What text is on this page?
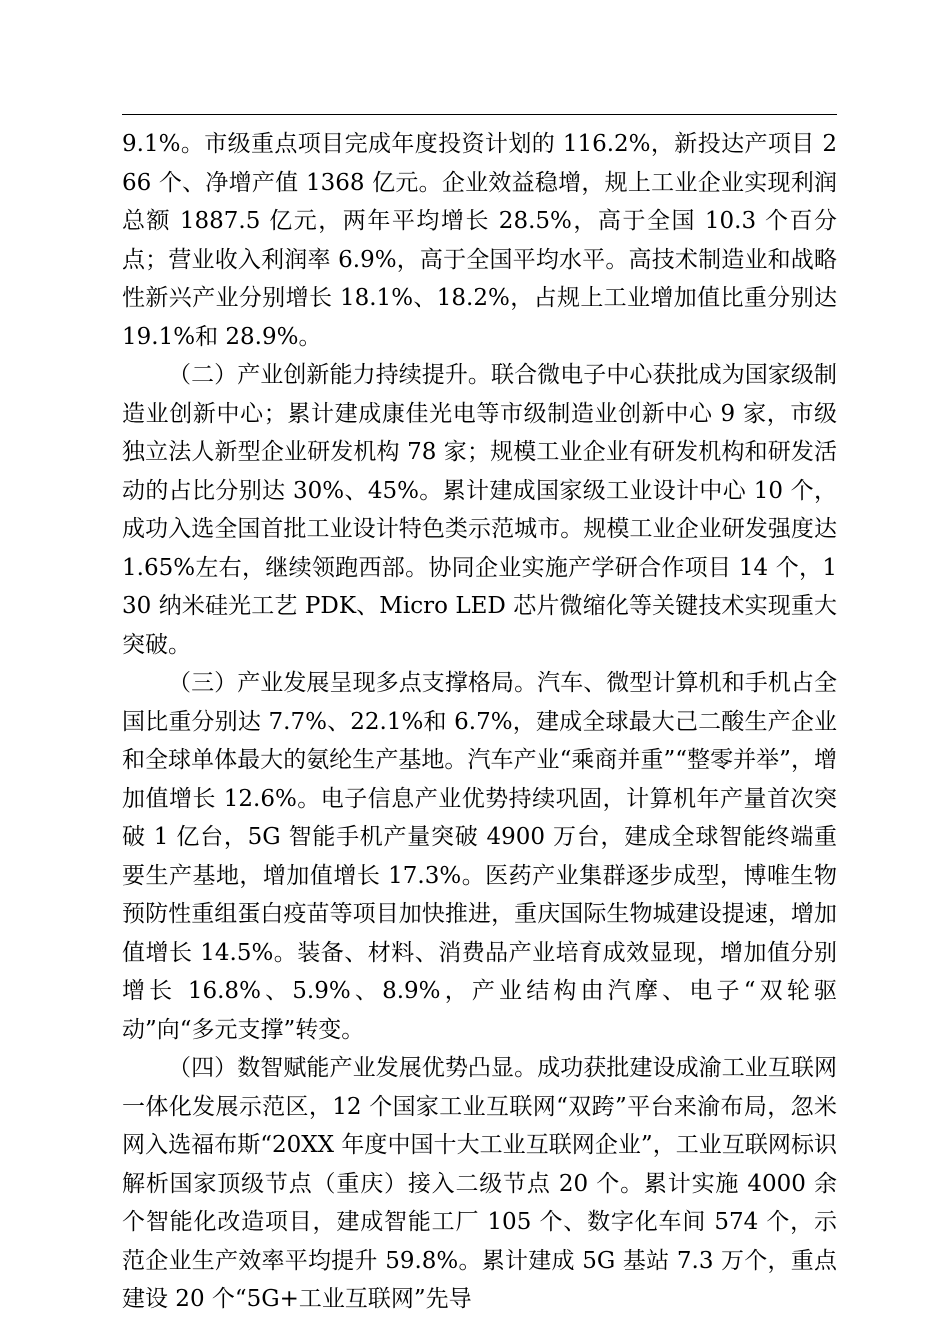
9.1%。市级重点项目完成年度投资计划的 116.2%，新投达产项目 266 个、净增产值 1368 亿元。企业效益稳增，规上工业企业实现利润总额 1887.5 亿元，两年平均增长 28.5%，高于全国 10.3 个百分点；营业收入利润率 6.9%，高于全国平均水平。高技术制造业和战略性新兴产业分别增长 18.1%、18.2%，占规上工业增加值比重分别达 19.1%和 28.9%。

（二）产业创新能力持续提升。联合微电子中心获批成为国家级制造业创新中心；累计建成康佳光电等市级制造业创新中心 9 家，市级独立法人新型企业研发机构 78 家；规模工业企业有研发机构和研发活动的占比分别达 30%、45%。累计建成国家级工业设计中心 10 个，成功入选全国首批工业设计特色类示范城市。规模工业企业研发强度达 1.65%左右，继续领跑西部。协同企业实施产学研合作项目 14 个，130 纳米硅光工艺 PDK、Micro LED 芯片微缩化等关键技术实现重大突破。

（三）产业发展呈现多点支撑格局。汽车、微型计算机和手机占全国比重分别达 7.7%、22.1%和 6.7%，建成全球最大己二酸生产企业和全球单体最大的氨纶生产基地。汽车产业“乘商并重”“整零并举”，增加值增长 12.6%。电子信息产业优势持续巩固，计算机年产量首次突破 1 亿台，5G 智能手机产量突破 4900 万台，建成全球智能终端重要生产基地，增加值增长 17.3%。医药产业集群逐步成型，博唯生物预防性重组蛋白疫苗等项目加快推进，重庆国际生物城建设提速，增加值增长 14.5%。装备、材料、消费品产业培育成效显现，增加值分别增长 16.8%、5.9%、8.9%，产业结构由汽摩、电子“双轮驱动”向“多元支撑”转变。

（四）数智赋能产业发展优势凸显。成功获批建设成渝工业互联网一体化发展示范区，12 个国家工业互联网“双跨”平台来渝布局，忽米网入选福布斯“20XX 年度中国十大工业互联网企业”，工业互联网标识解析国家顶级节点（重庆）接入二级节点 20 个。累计实施 4000 余个智能化改造项目，建成智能工厂 105 个、数字化车间 574 个，示范企业生产效率平均提升 59.8%。累计建成 5G 基站 7.3 万个，重点建设 20 个“5G+工业互联网”先导
